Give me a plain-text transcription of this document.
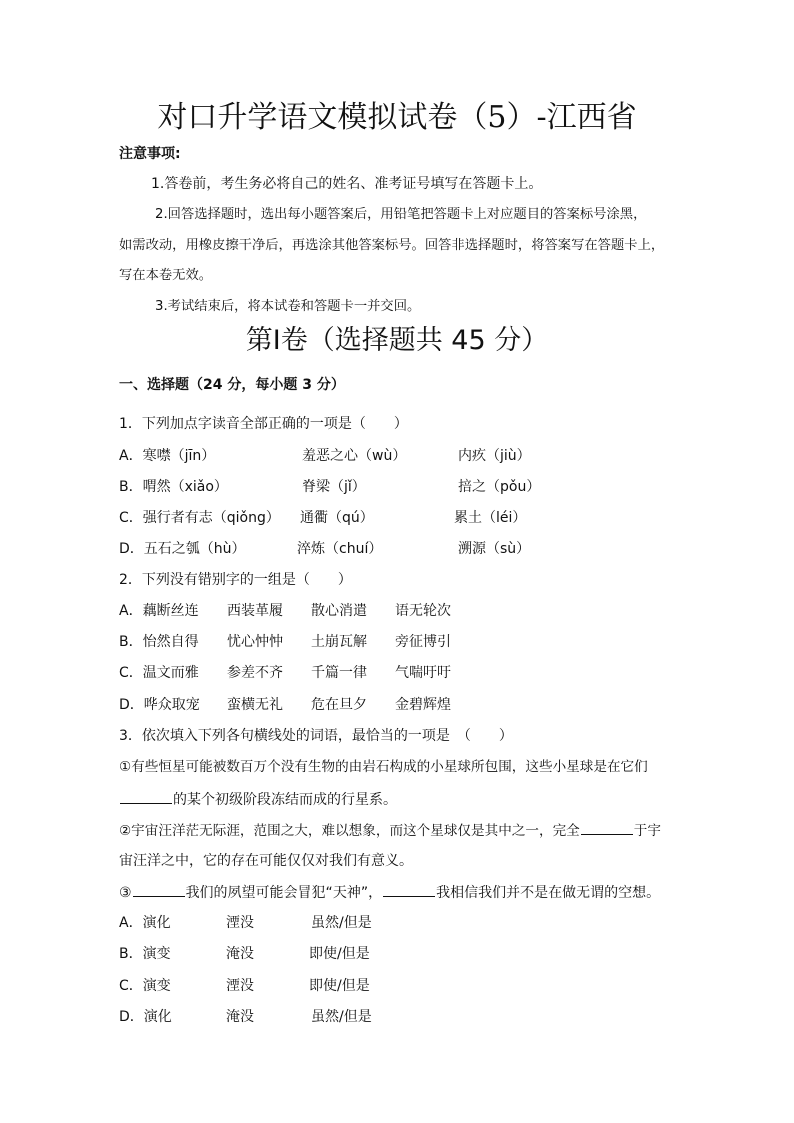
对口升学语文模拟试卷（5）-江西省
注意事项:
1.答卷前，考生务必将自己的姓名、准考证号填写在答题卡上。
2.回答选择题时，选出每小题答案后，用铅笔把答题卡上对应题目的答案标号涂黑，
如需改动，用橡皮擦干净后，再选涂其他答案标号。回答非选择题时，将答案写在答题卡上，
写在本卷无效。
3.考试结束后，将本试卷和答题卡一并交回。
第Ⅰ卷（选择题共 45 分）
一、选择题（24 分，每小题 3 分）
1．下列加点字读音全部正确的一项是（　　）
A．寒噤（jīn）	羞恶之心（wù）	内疚（jiù）
B．喟然（xiǎo）	脊梁（jǐ）	掊之（pǒu）
C．强行者有志（qiǒng） 通衢（qú）	累土（léi）
D．五石之瓠（hù）	淬炼（chuí）	溯源（sù）
2．下列没有错别字的一组是（　　）
A．藕断丝连 西装革履 散心消遣 语无轮次
B．怡然自得 忧心忡忡 土崩瓦解 旁征博引
C．温文而雅 参差不齐 千篇一律 气喘吁吁
D．哗众取宠 蛮横无礼 危在旦夕 金碧辉煌
3．依次填入下列各句横线处的词语，最恰当的一项是　（　　）
①有些恒星可能被数百万个没有生物的由岩石构成的小星球所包围，这些小星球是在它们
的某个初级阶段冻结而成的行星系。
②宇宙汪洋茫无际涯，范围之大，难以想象，而这个星球仅是其中之一，完全	于宇
宙汪洋之中，它的存在可能仅仅对我们有意义。
③	我们的夙望可能会冒犯“天神”，	我相信我们并不是在做无谓的空想。
A．演化	湮没	虽然/但是
B．演变	淹没	即使/但是
C．演变	湮没	即使/但是
D．演化	淹没	虽然/但是
